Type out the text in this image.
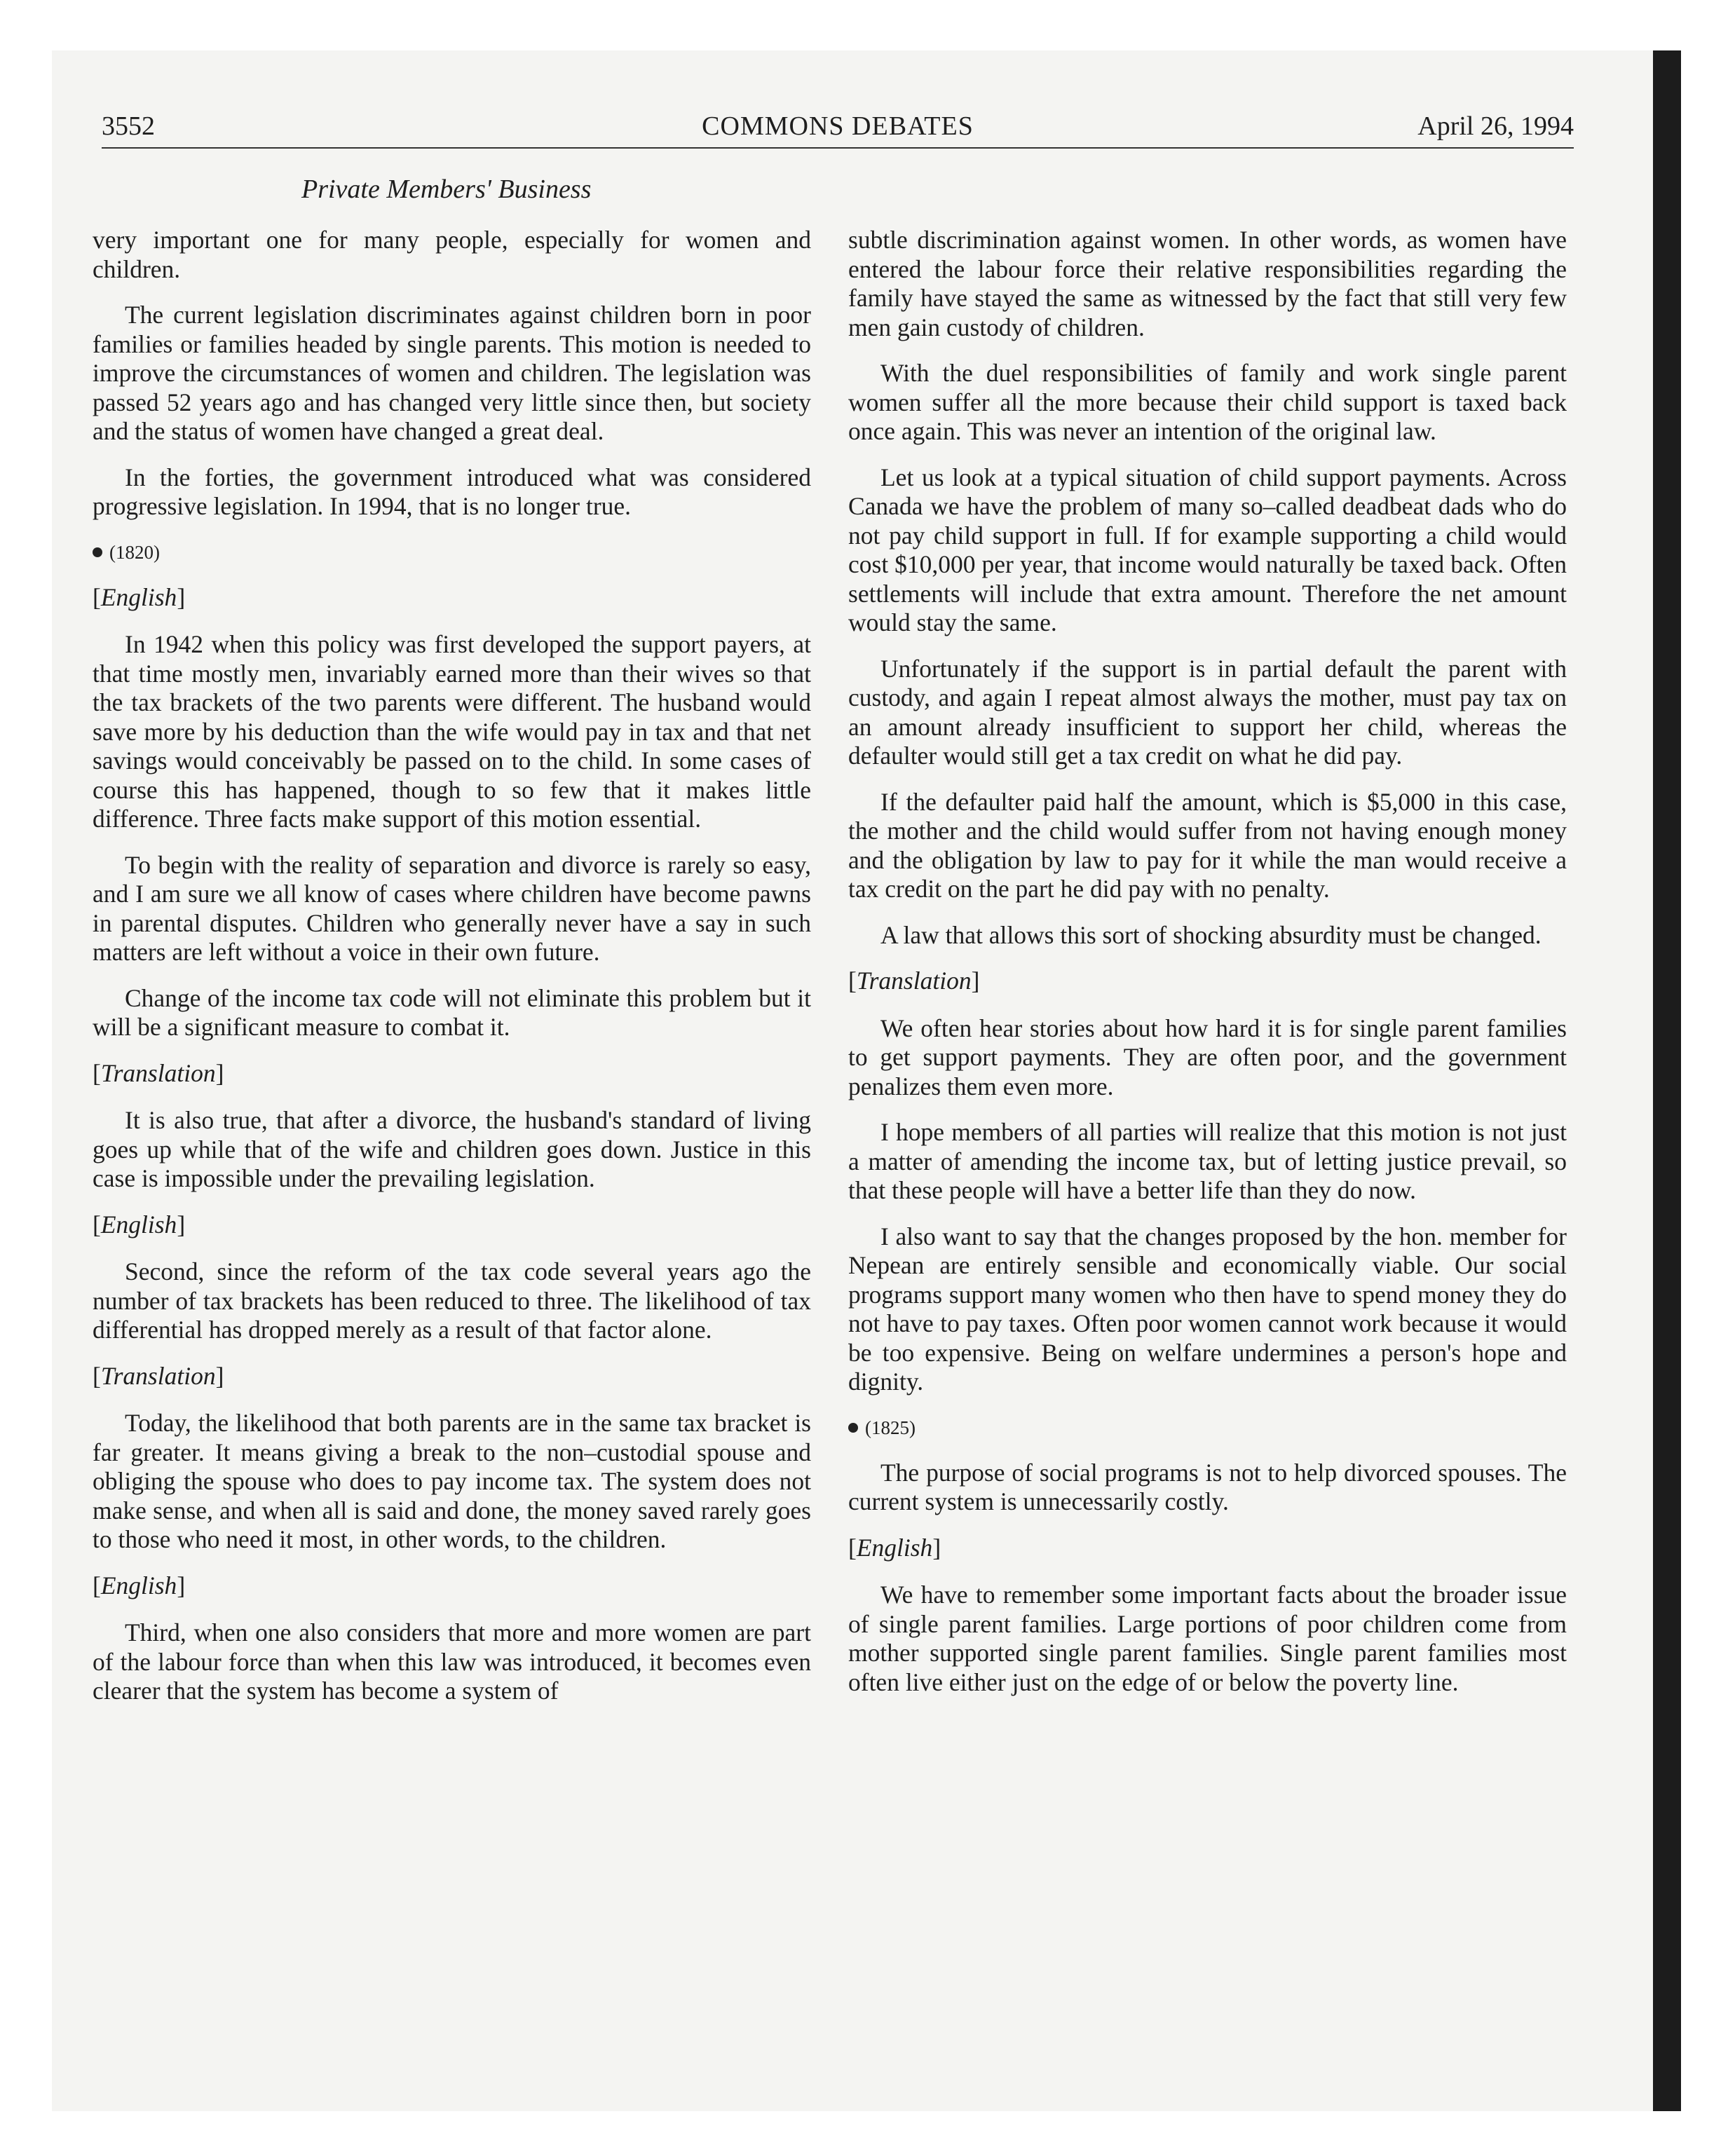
3552	COMMONS DEBATES	April 26, 1994
Private Members' Business

very important one for many people, especially for women and children.

The current legislation discriminates against children born in poor families or families headed by single parents. This motion is needed to improve the circumstances of women and children. The legislation was passed 52 years ago and has changed very little since then, but society and the status of women have changed a great deal.

In the forties, the government introduced what was considered progressive legislation. In 1994, that is no longer true.

(1820)
[English]

In 1942 when this policy was first developed the support payers, at that time mostly men, invariably earned more than their wives so that the tax brackets of the two parents were different. The husband would save more by his deduction than the wife would pay in tax and that net savings would conceivably be passed on to the child. In some cases of course this has happened, though to so few that it makes little difference. Three facts make support of this motion essential.

To begin with the reality of separation and divorce is rarely so easy, and I am sure we all know of cases where children have become pawns in parental disputes. Children who generally never have a say in such matters are left without a voice in their own future.

Change of the income tax code will not eliminate this problem but it will be a significant measure to combat it.

[Translation]

It is also true, that after a divorce, the husband's standard of living goes up while that of the wife and children goes down. Justice in this case is impossible under the prevailing legislation.

[English]

Second, since the reform of the tax code several years ago the number of tax brackets has been reduced to three. The likelihood of tax differential has dropped merely as a result of that factor alone.

[Translation]

Today, the likelihood that both parents are in the same tax bracket is far greater. It means giving a break to the non–custodial spouse and obliging the spouse who does to pay income tax. The system does not make sense, and when all is said and done, the money saved rarely goes to those who need it most, in other words, to the children.

[English]

Third, when one also considers that more and more women are part of the labour force than when this law was introduced, it becomes even clearer that the system has become a system of

subtle discrimination against women. In other words, as women have entered the labour force their relative responsibilities regarding the family have stayed the same as witnessed by the fact that still very few men gain custody of children.

With the duel responsibilities of family and work single parent women suffer all the more because their child support is taxed back once again. This was never an intention of the original law.

Let us look at a typical situation of child support payments. Across Canada we have the problem of many so–called deadbeat dads who do not pay child support in full. If for example supporting a child would cost $10,000 per year, that income would naturally be taxed back. Often settlements will include that extra amount. Therefore the net amount would stay the same.

Unfortunately if the support is in partial default the parent with custody, and again I repeat almost always the mother, must pay tax on an amount already insufficient to support her child, whereas the defaulter would still get a tax credit on what he did pay.

If the defaulter paid half the amount, which is $5,000 in this case, the mother and the child would suffer from not having enough money and the obligation by law to pay for it while the man would receive a tax credit on the part he did pay with no penalty.

A law that allows this sort of shocking absurdity must be changed.

[Translation]

We often hear stories about how hard it is for single parent families to get support payments. They are often poor, and the government penalizes them even more.

I hope members of all parties will realize that this motion is not just a matter of amending the income tax, but of letting justice prevail, so that these people will have a better life than they do now.

I also want to say that the changes proposed by the hon. member for Nepean are entirely sensible and economically viable. Our social programs support many women who then have to spend money they do not have to pay taxes. Often poor women cannot work because it would be too expensive. Being on welfare undermines a person's hope and dignity.

(1825)

The purpose of social programs is not to help divorced spouses. The current system is unnecessarily costly.

[English]

We have to remember some important facts about the broader issue of single parent families. Large portions of poor children come from mother supported single parent families. Single parent families most often live either just on the edge of or below the poverty line.
